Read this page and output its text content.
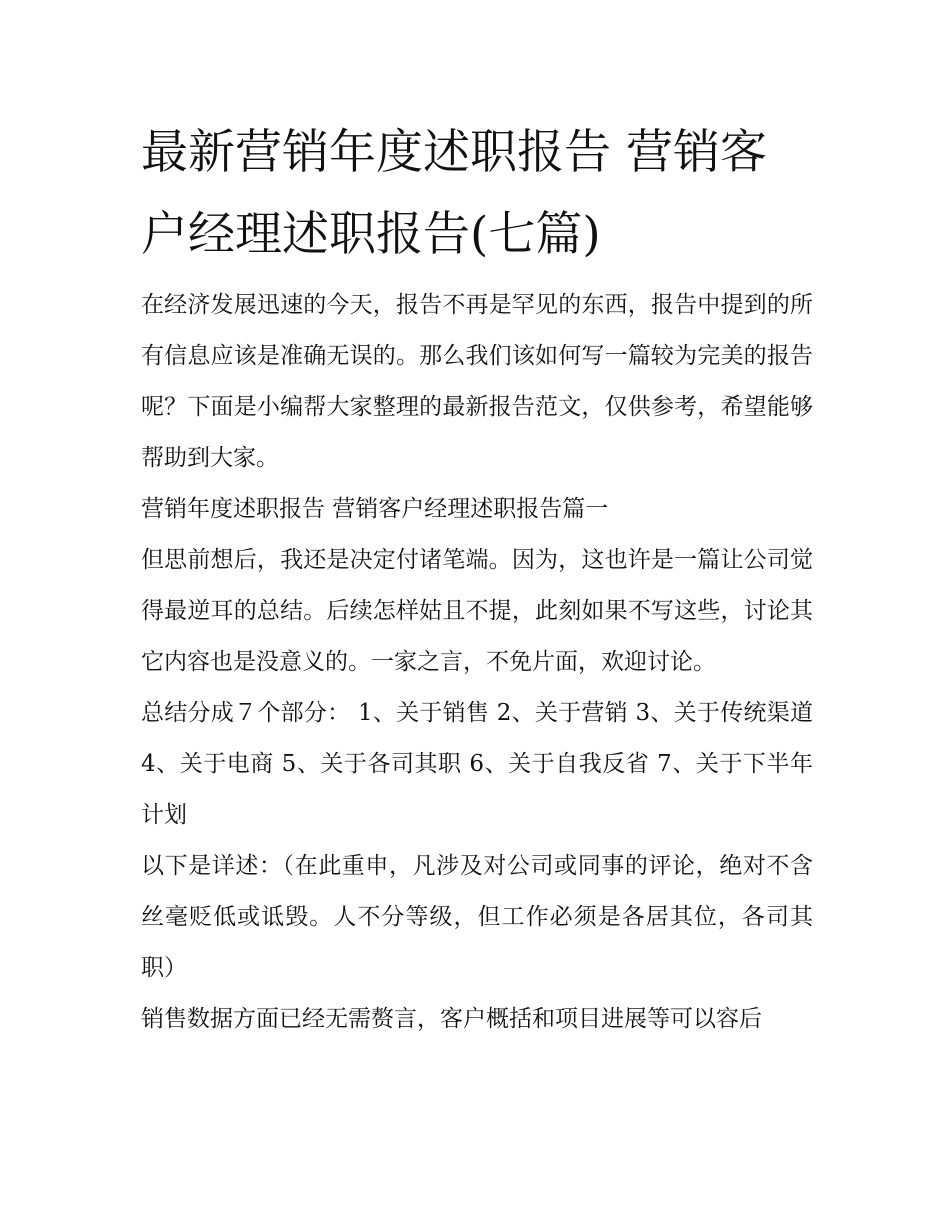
最新营销年度述职报告 营销客户经理述职报告(七篇)

在经济发展迅速的今天，报告不再是罕见的东西，报告中提到的所有信息应该是准确无误的。那么我们该如何写一篇较为完美的报告呢？下面是小编帮大家整理的最新报告范文，仅供参考，希望能够帮助到大家。

营销年度述职报告 营销客户经理述职报告篇一

但思前想后，我还是决定付诸笔端。因为，这也许是一篇让公司觉得最逆耳的总结。后续怎样姑且不提，此刻如果不写这些，讨论其它内容也是没意义的。一家之言，不免片面，欢迎讨论。

总结分成７个部分： 1、关于销售 2、关于营销 3、关于传统渠道 4、关于电商 5、关于各司其职 6、关于自我反省 7、关于下半年计划

以下是详述：（在此重申，凡涉及对公司或同事的评论，绝对不含丝毫贬低或诋毁。人不分等级，但工作必须是各居其位，各司其职）

销售数据方面已经无需赘言，客户概括和项目进展等可以容后
